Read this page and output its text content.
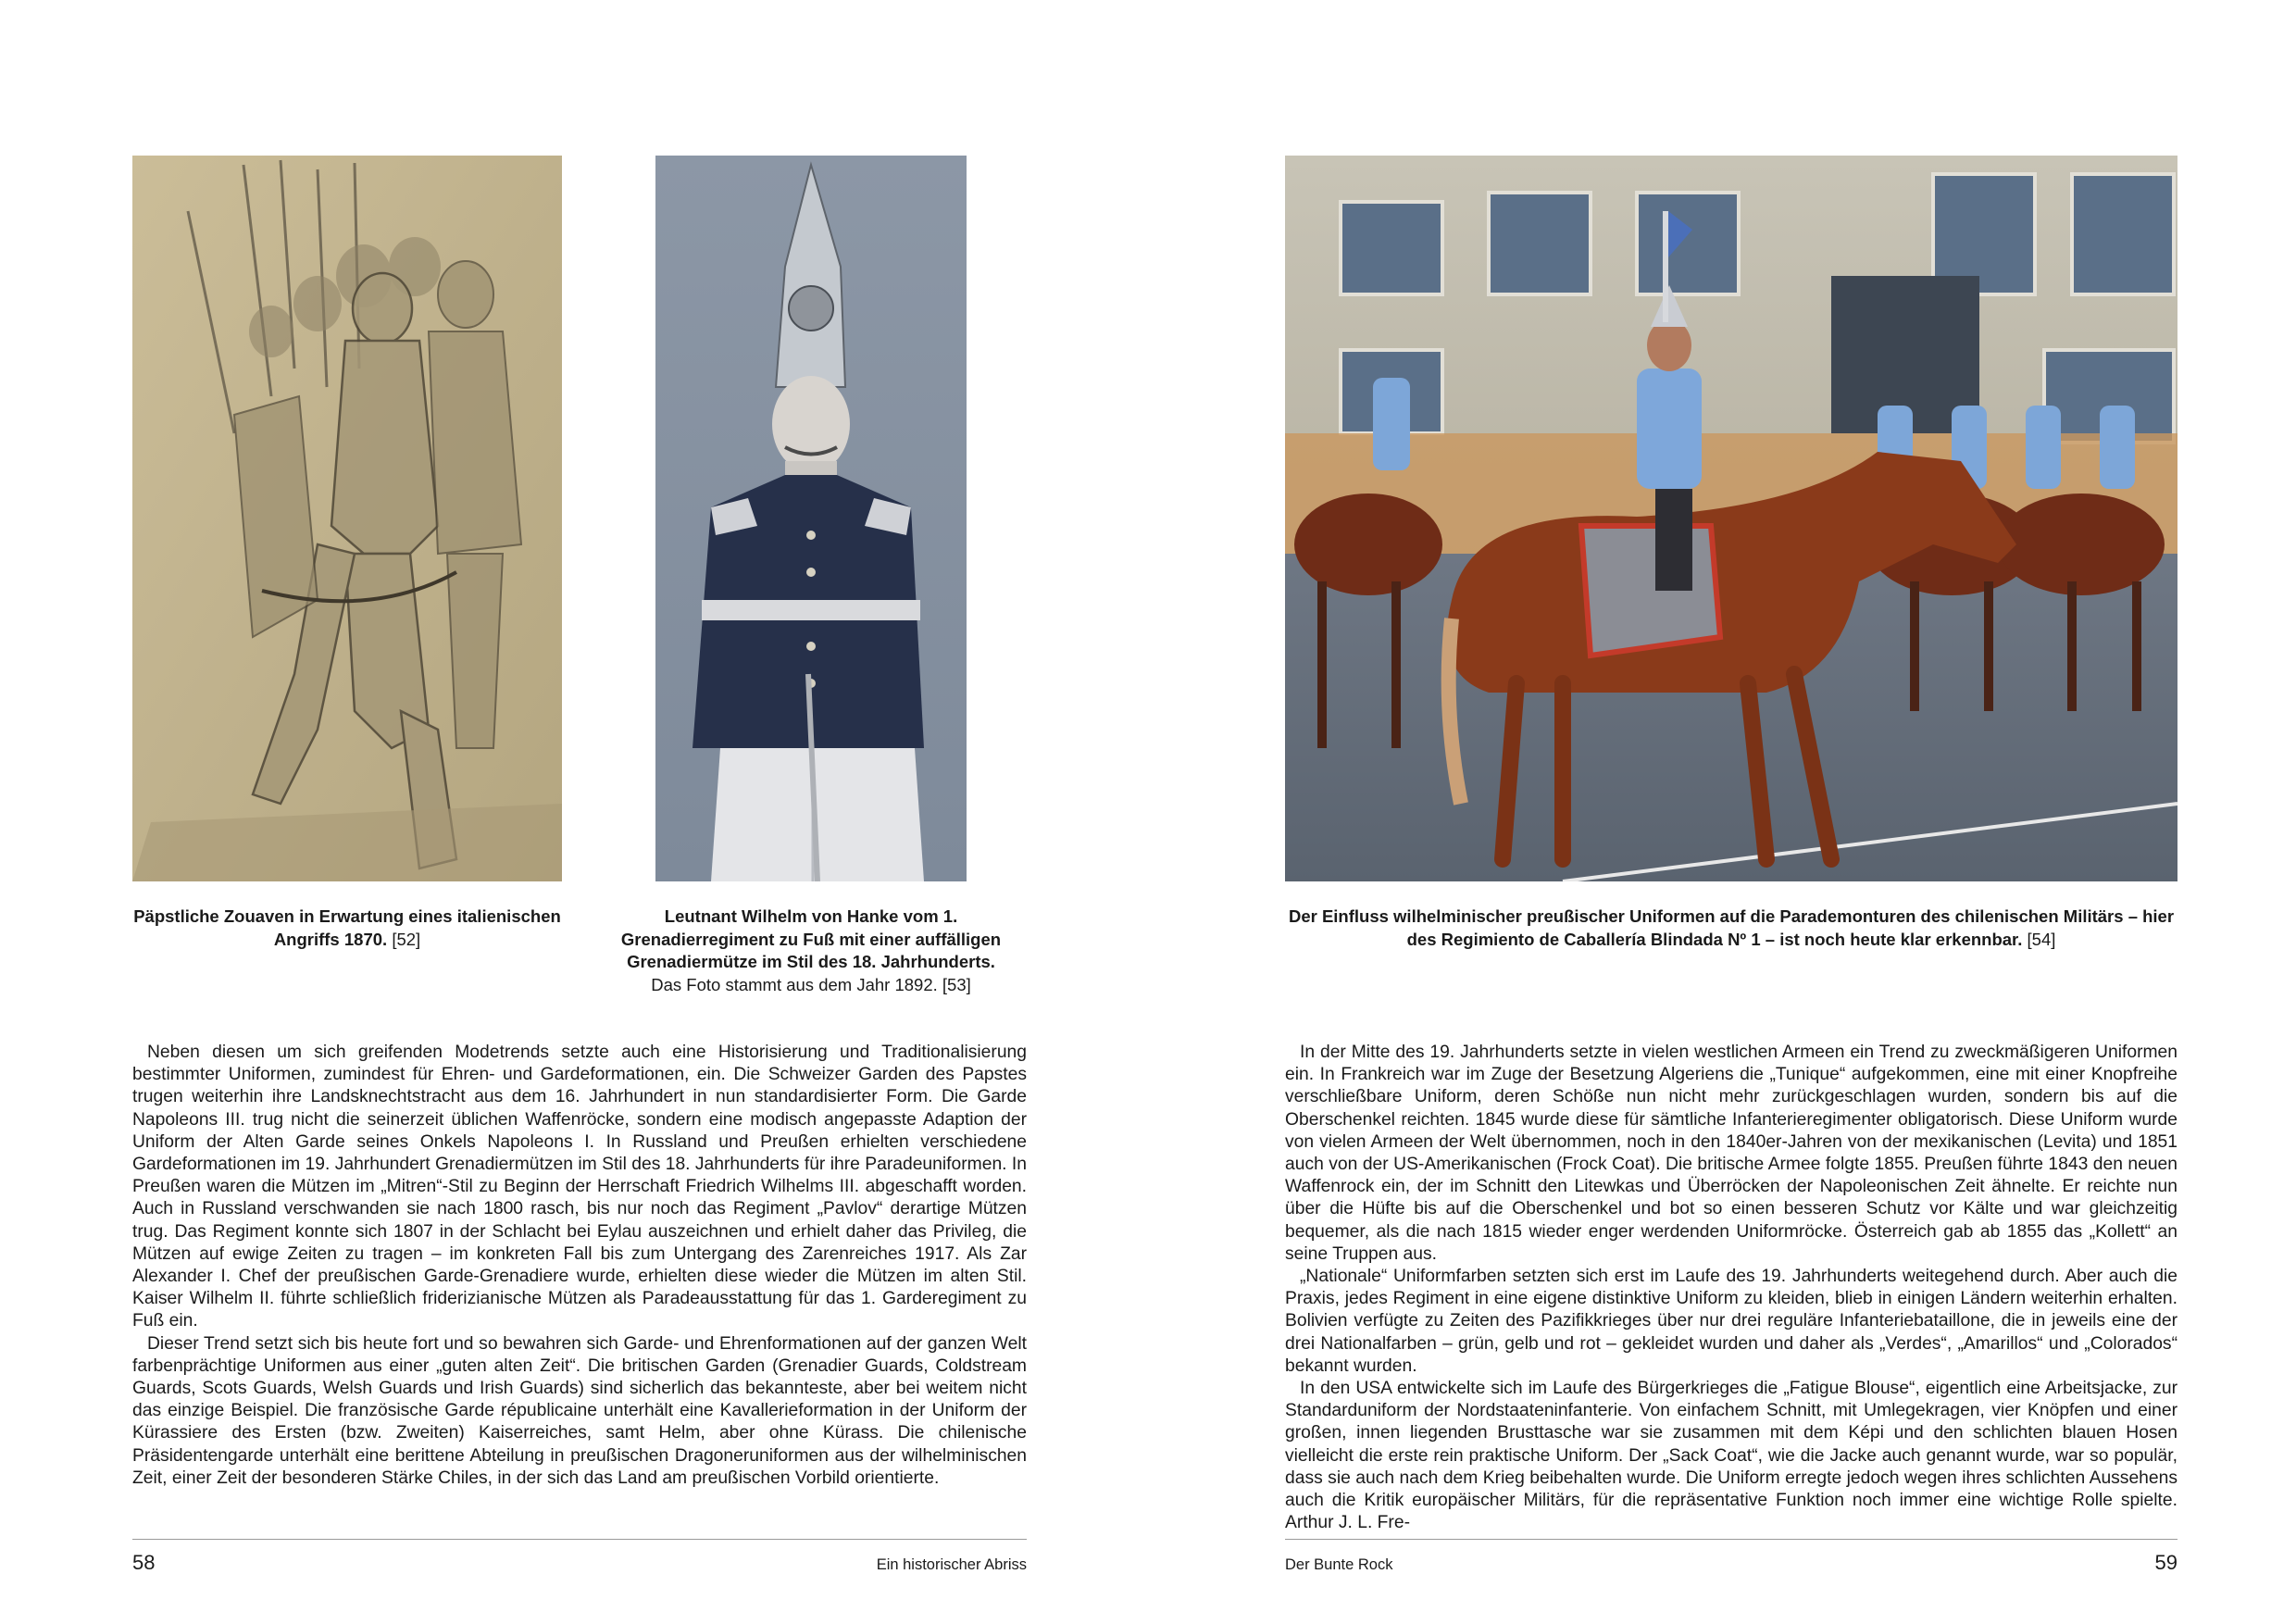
Päpstliche Zouaven in Erwartung eines italienischen Angriffs 1870. [52]
Leutnant Wilhelm von Hanke vom 1. Grenadierregiment zu Fuß mit einer auffälligen Grenadiermütze im Stil des 18. Jahrhunderts.
Das Foto stammt aus dem Jahr 1892. [53]

Neben diesen um sich greifenden Modetrends setzte auch eine Historisierung und Traditionalisierung bestimmter Uniformen, zumindest für Ehren- und Gardeformationen, ein. Die Schweizer Garden des Papstes trugen weiterhin ihre Landsknechtstracht aus dem 16. Jahrhundert in nun standardisierter Form. Die Garde Napoleons III. trug nicht die seinerzeit üblichen Waffenröcke, sondern eine modisch angepasste Adaption der Uniform der Alten Garde seines Onkels Napoleons I. In Russland und Preußen erhielten verschiedene Gardeformationen im 19. Jahrhundert Grenadiermützen im Stil des 18. Jahrhunderts für ihre Paradeuniformen. In Preußen waren die Mützen im „Mitren“-Stil zu Beginn der Herrschaft Friedrich Wilhelms III. abgeschafft worden. Auch in Russland verschwanden sie nach 1800 rasch, bis nur noch das Regiment „Pavlov“ derartige Mützen trug. Das Regiment konnte sich 1807 in der Schlacht bei Eylau auszeichnen und erhielt daher das Privileg, die Mützen auf ewige Zeiten zu tragen – im konkreten Fall bis zum Untergang des Zarenreiches 1917. Als Zar Alexander I. Chef der preußischen Garde-Grenadiere wurde, erhielten diese wieder die Mützen im alten Stil. Kaiser Wilhelm II. führte schließlich friderizianische Mützen als Paradeausstattung für das 1. Garderegiment zu Fuß ein.

Dieser Trend setzt sich bis heute fort und so bewahren sich Garde- und Ehrenformationen auf der ganzen Welt farbenprächtige Uniformen aus einer „guten alten Zeit“. Die britischen Garden (Grenadier Guards, Coldstream Guards, Scots Guards, Welsh Guards und Irish Guards) sind sicherlich das bekannteste, aber bei weitem nicht das einzige Beispiel. Die französische Garde républicaine unterhält eine Kavallerieformation in der Uniform der Kürassiere des Ersten (bzw. Zweiten) Kaiserreiches, samt Helm, aber ohne Kürass. Die chilenische Präsidentengarde unterhält eine berittene Abteilung in preußischen Dragoneruniformen aus der wilhelminischen Zeit, einer Zeit der besonderen Stärke Chiles, in der sich das Land am preußischen Vorbild orientierte.

58	Ein historischer Abriss
Der Einfluss wilhelminischer preußischer Uniformen auf die Parademonturen des chilenischen Militärs – hier des Regimiento de Caballería Blindada Nº 1 – ist noch heute klar erkennbar. [54]

In der Mitte des 19. Jahrhunderts setzte in vielen westlichen Armeen ein Trend zu zweckmäßigeren Uniformen ein. In Frankreich war im Zuge der Besetzung Algeriens die „Tunique“ aufgekommen, eine mit einer Knopfreihe verschließbare Uniform, deren Schöße nun nicht mehr zurückgeschlagen wurden, sondern bis auf die Oberschenkel reichten. 1845 wurde diese für sämtliche Infanterieregimenter obligatorisch. Diese Uniform wurde von vielen Armeen der Welt übernommen, noch in den 1840er-Jahren von der mexikanischen (Levita) und 1851 auch von der US-Amerikanischen (Frock Coat). Die britische Armee folgte 1855. Preußen führte 1843 den neuen Waffenrock ein, der im Schnitt den Litewkas und Überröcken der Napoleonischen Zeit ähnelte. Er reichte nun über die Hüfte bis auf die Oberschenkel und bot so einen besseren Schutz vor Kälte und war gleichzeitig bequemer, als die nach 1815 wieder enger werdenden Uniformröcke. Österreich gab ab 1855 das „Kollett“ an seine Truppen aus.

„Nationale“ Uniformfarben setzten sich erst im Laufe des 19. Jahrhunderts weitegehend durch. Aber auch die Praxis, jedes Regiment in eine eigene distinktive Uniform zu kleiden, blieb in einigen Ländern weiterhin erhalten. Bolivien verfügte zu Zeiten des Pazifikkrieges über nur drei reguläre Infanteriebataillone, die in jeweils eine der drei Nationalfarben – grün, gelb und rot – gekleidet wurden und daher als „Verdes“, „Amarillos“ und „Colorados“ bekannt wurden.

In den USA entwickelte sich im Laufe des Bürgerkrieges die „Fatigue Blouse“, eigentlich eine Arbeitsjacke, zur Standarduniform der Nordstaateninfanterie. Von einfachem Schnitt, mit Umlegekragen, vier Knöpfen und einer großen, innen liegenden Brusttasche war sie zusammen mit dem Képi und den schlichten blauen Hosen vielleicht die erste rein praktische Uniform. Der „Sack Coat“, wie die Jacke auch genannt wurde, war so populär, dass sie auch nach dem Krieg beibehalten wurde. Die Uniform erregte jedoch wegen ihres schlichten Aussehens auch die Kritik europäischer Militärs, für die repräsentative Funktion noch immer eine wichtige Rolle spielte. Arthur J. L. Fre-

Der Bunte Rock	59
